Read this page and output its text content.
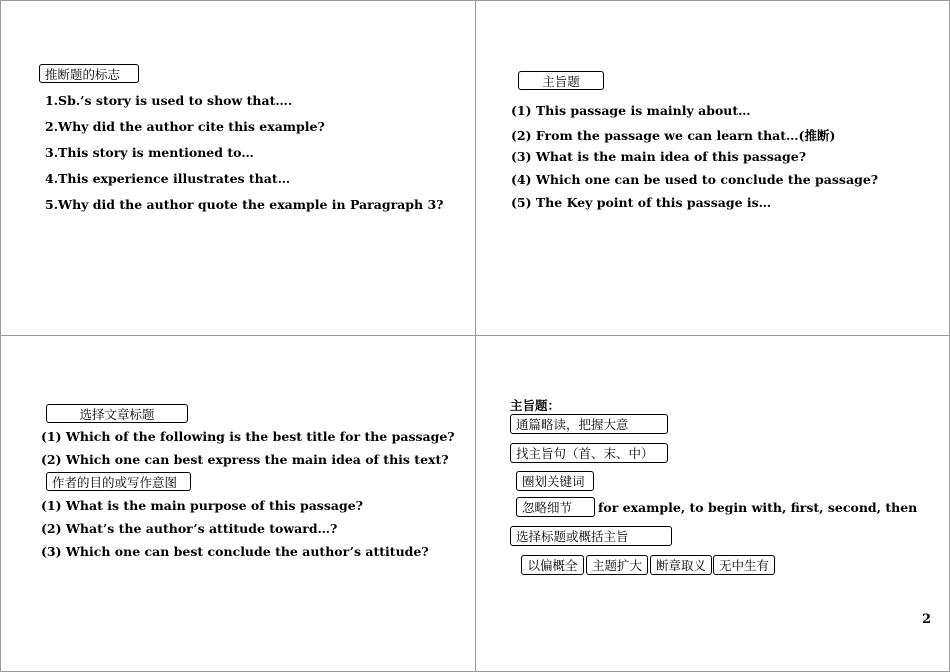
推断题的标志
1.Sb.’s story is used to show that….
2.Why did the author cite this example?
3.This story is mentioned to…
4.This experience illustrates that…
5.Why did the author quote the example in Paragraph 3?
主旨题
(1) This passage is mainly about…
(2) From the passage we can learn that…(推断)
(3) What is the main idea of this passage?
(4) Which one can be used to conclude the passage?
(5) The Key point of this passage is…
选择文章标题
(1) Which of the following is the best title for the passage?
(2) Which one can best express the main idea of this text?
作者的目的或写作意图
(1) What is the main purpose of this passage?
(2) What’s the author’s attitude toward…?
(3) Which one can best conclude the author’s attitude?
主旨题：
通篇略读，把握大意
找主旨句（首、末、中）
圈划关键词
忽略细节	for example, to begin with, first, second, then
选择标题或概括主旨
以偏概全	主题扩大	断章取义	无中生有
2
